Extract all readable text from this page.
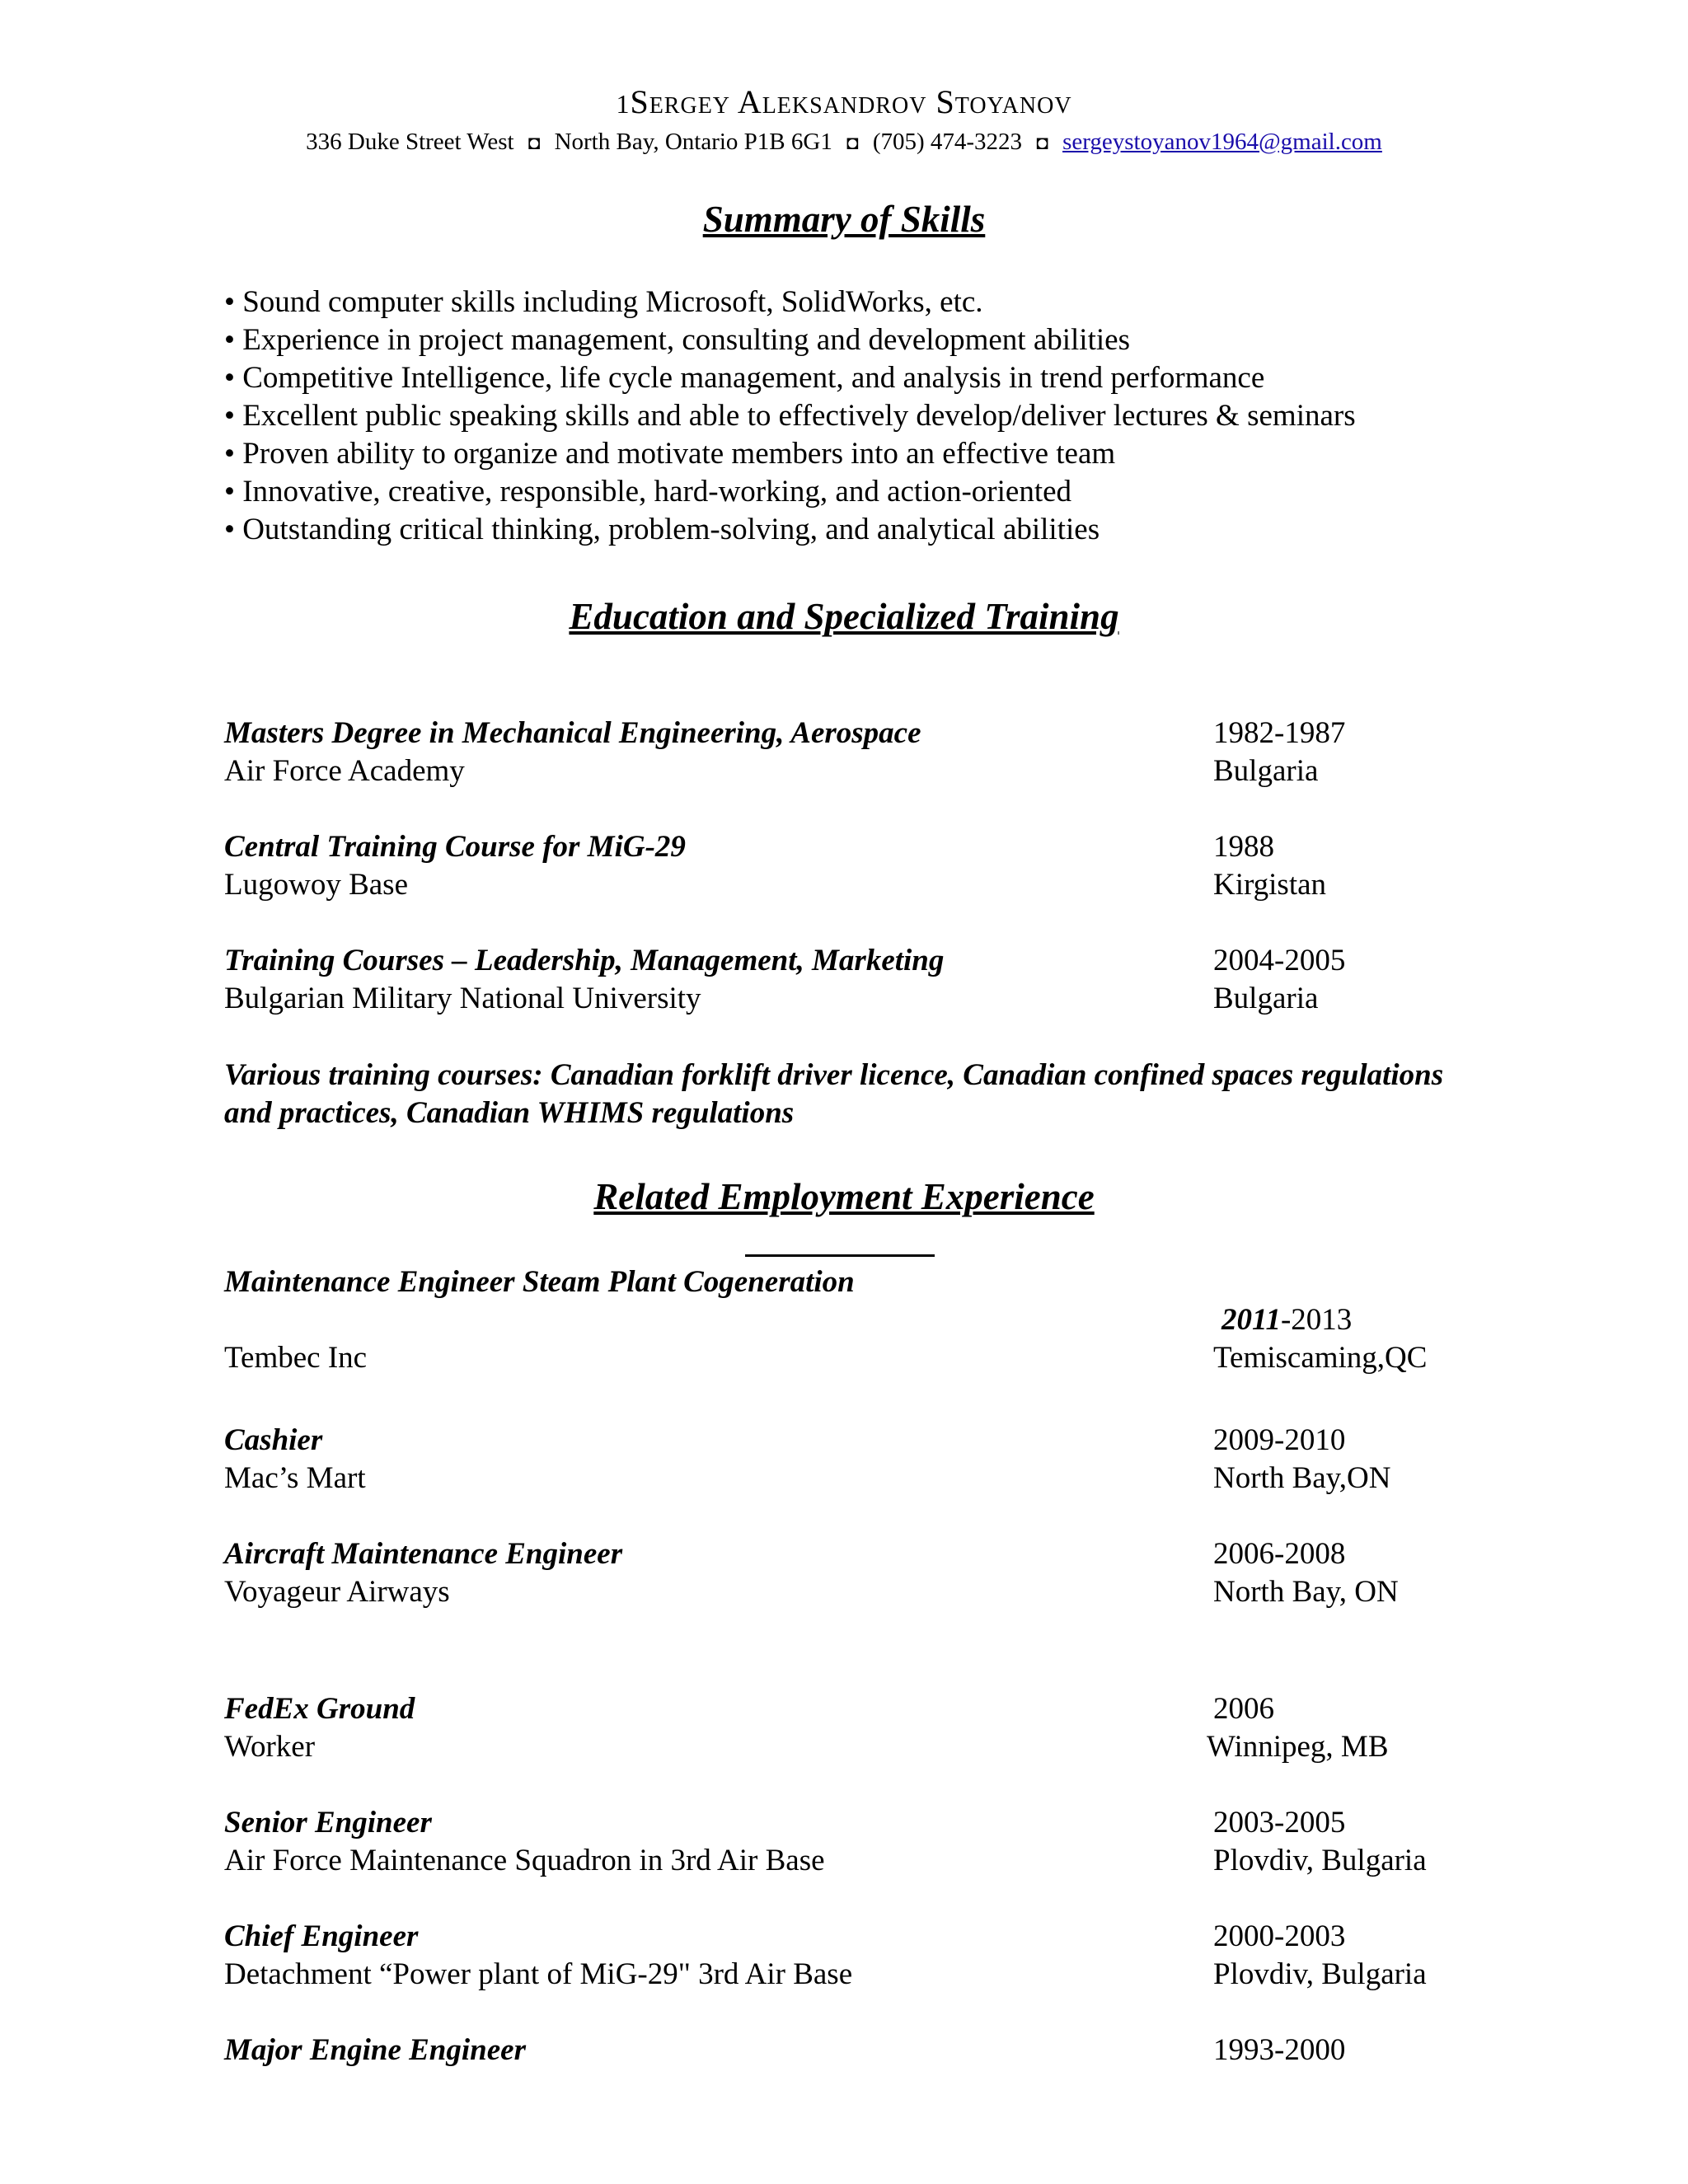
1Sergey Aleksandrov Stoyanov
336 Duke Street West ◘ North Bay, Ontario P1B 6G1 ◘ (705) 474-3223 ◘ sergeystoyanov1964@gmail.com
Summary of Skills
• Sound computer skills including Microsoft, SolidWorks, etc.
• Experience in project management, consulting and development abilities
• Competitive Intelligence, life cycle management, and analysis in trend performance
• Excellent public speaking skills and able to effectively develop/deliver lectures & seminars
• Proven ability to organize and motivate members into an effective team
• Innovative, creative, responsible, hard-working, and action-oriented
• Outstanding critical thinking, problem-solving, and analytical abilities
Education and Specialized Training
Masters Degree in Mechanical Engineering, Aerospace	1982-1987
Air Force Academy	Bulgaria
Central Training Course for MiG-29	1988
Lugowoy Base	Kirgistan
Training Courses – Leadership, Management, Marketing	2004-2005
Bulgarian Military National University	Bulgaria
Various training courses: Canadian forklift driver licence, Canadian confined spaces regulations and practices, Canadian WHIMS regulations
Related Employment Experience
Maintenance Engineer Steam Plant Cogeneration
2011-2013
Tembec Inc	Temiscaming,QC
Cashier	2009-2010
Mac’s Mart	North Bay,ON
Aircraft Maintenance Engineer	2006-2008
Voyageur Airways	North Bay, ON
FedEx Ground	2006
Worker	Winnipeg, MB
Senior Engineer	2003-2005
Air Force Maintenance Squadron in 3rd Air Base	Plovdiv, Bulgaria
Chief Engineer	2000-2003
Detachment “Power plant of MiG-29" 3rd Air Base	Plovdiv, Bulgaria
Major Engine Engineer	1993-2000
